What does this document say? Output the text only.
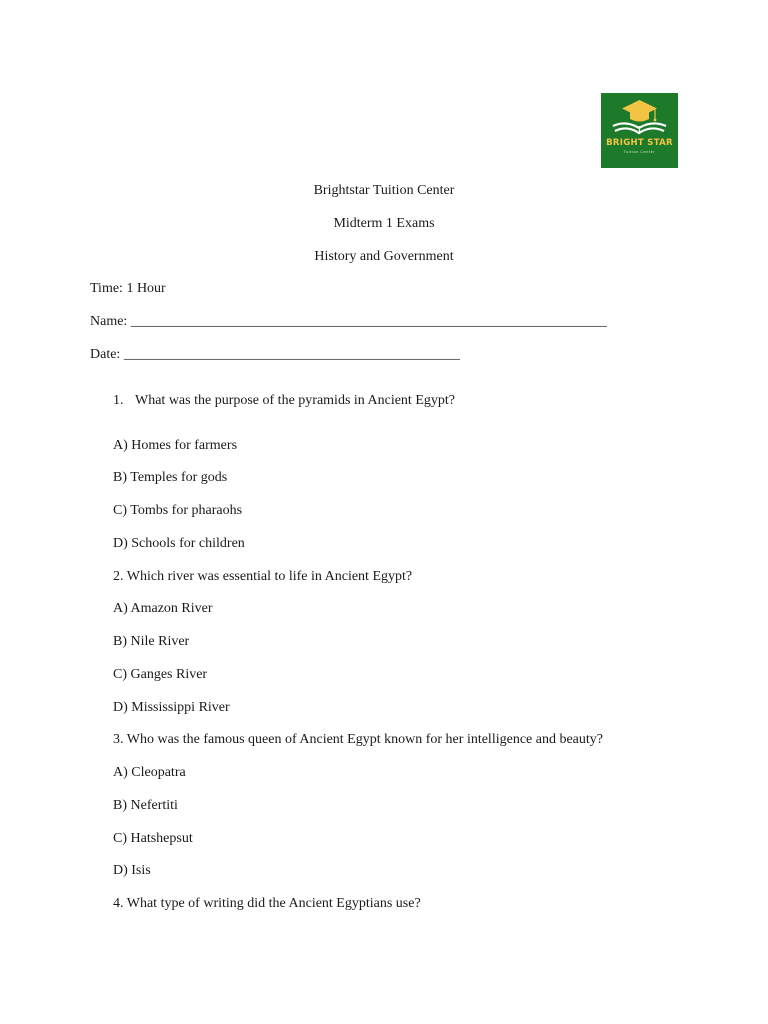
BRIGHT STAR
Tuition Center
Brightstar Tuition Center
Midterm 1 Exams
History and Government
Time: 1 Hour
Name: ____________________________________________________________________
Date: ________________________________________________
1. What was the purpose of the pyramids in Ancient Egypt?
A) Homes for farmers
B) Temples for gods
C) Tombs for pharaohs
D) Schools for children
2. Which river was essential to life in Ancient Egypt?
A) Amazon River
B) Nile River
C) Ganges River
D) Mississippi River
3. Who was the famous queen of Ancient Egypt known for her intelligence and beauty?
A) Cleopatra
B) Nefertiti
C) Hatshepsut
D) Isis
4. What type of writing did the Ancient Egyptians use?
